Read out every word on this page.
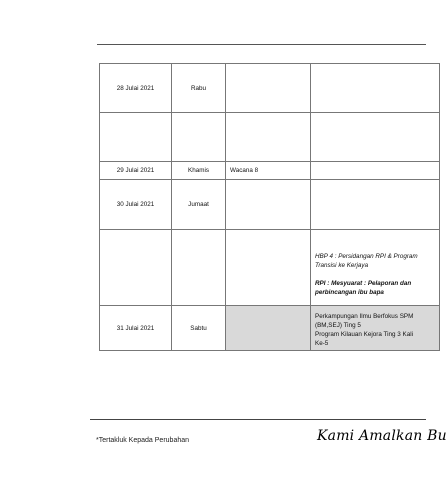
28 Julai 2021	Rabu		

29 Julai 2021	Khamis	Wacana 8	
30 Julai 2021	Jumaat		

			HBP 4 : Persidangan RPI & Program
Transisi ke Kerjaya
RPI : Mesyuarat : Pelaporan dan
perbincangan ibu bapa

31 Julai 2021	Sabtu		Perkampungan Ilmu Berfokus SPM
(BM,SEJ) Ting 5
Program Kilauan Kejora Ting 3 Kali
Ke-5
*Tertakluk Kepada Perubahan	Kami Amalkan Bu
